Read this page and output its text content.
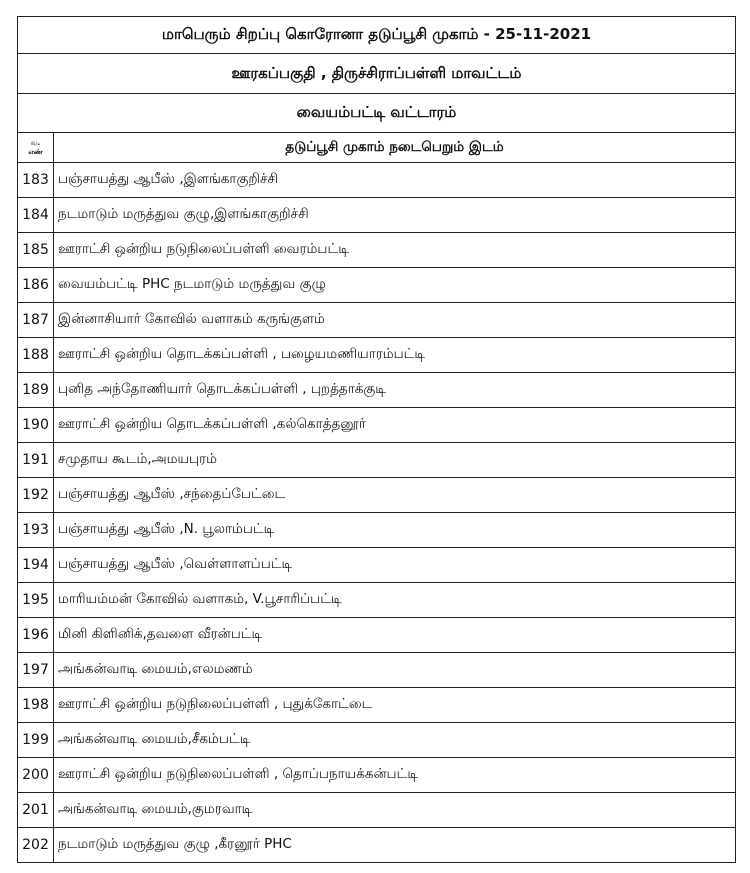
மாபெரும் சிறப்பு கொரோனா தடுப்பூசி முகாம் - 25-11-2021	
ஊரகப்பகுதி , திருச்சிராப்பள்ளி மாவட்டம்	
வையம்பட்டி வட்டாரம்	

வ.
எண்	தடுப்பூசி முகாம் நடைபெறும் இடம்
183	பஞ்சாயத்து ஆபீஸ் ,இளங்காகுறிச்சி
184	நடமாடும் மருத்துவ குழு,இளங்காகுறிச்சி
185	ஊராட்சி ஒன்றிய நடுநிலைப்பள்ளி வைரம்பட்டி
186	வையம்பட்டி PHC நடமாடும் மருத்துவ குழு
187	இன்னாசியார் கோவில் வளாகம் கருங்குளம்
188	ஊராட்சி ஒன்றிய தொடக்கப்பள்ளி , பழையமணியாரம்பட்டி
189	புனித அந்தோணியார் தொடக்கப்பள்ளி , புறத்தாக்குடி
190	ஊராட்சி ஒன்றிய தொடக்கப்பள்ளி ,கல்கொத்தனூர்
191	சமுதாய கூடம்,அமயபுரம்
192	பஞ்சாயத்து ஆபீஸ் ,சந்தைப்பேட்டை
193	பஞ்சாயத்து ஆபீஸ் ,N. பூலாம்பட்டி
194	பஞ்சாயத்து ஆபீஸ் ,வெள்ளாளப்பட்டி
195	மாரியம்மன் கோவில் வளாகம், V.பூசாரிப்பட்டி
196	மினி கிளினிக்,தவளை வீரன்பட்டி
197	அங்கன்வாடி மையம்,எலமணம்
198	ஊராட்சி ஒன்றிய நடுநிலைப்பள்ளி , புதுக்கோட்டை
199	அங்கன்வாடி மையம்,சீகம்பட்டி
200	ஊராட்சி ஒன்றிய நடுநிலைப்பள்ளி , தொப்பநாயக்கன்பட்டி
201	அங்கன்வாடி மையம்,குமரவாடி
202	நடமாடும் மருத்துவ குழு ,கீரனூர் PHC
